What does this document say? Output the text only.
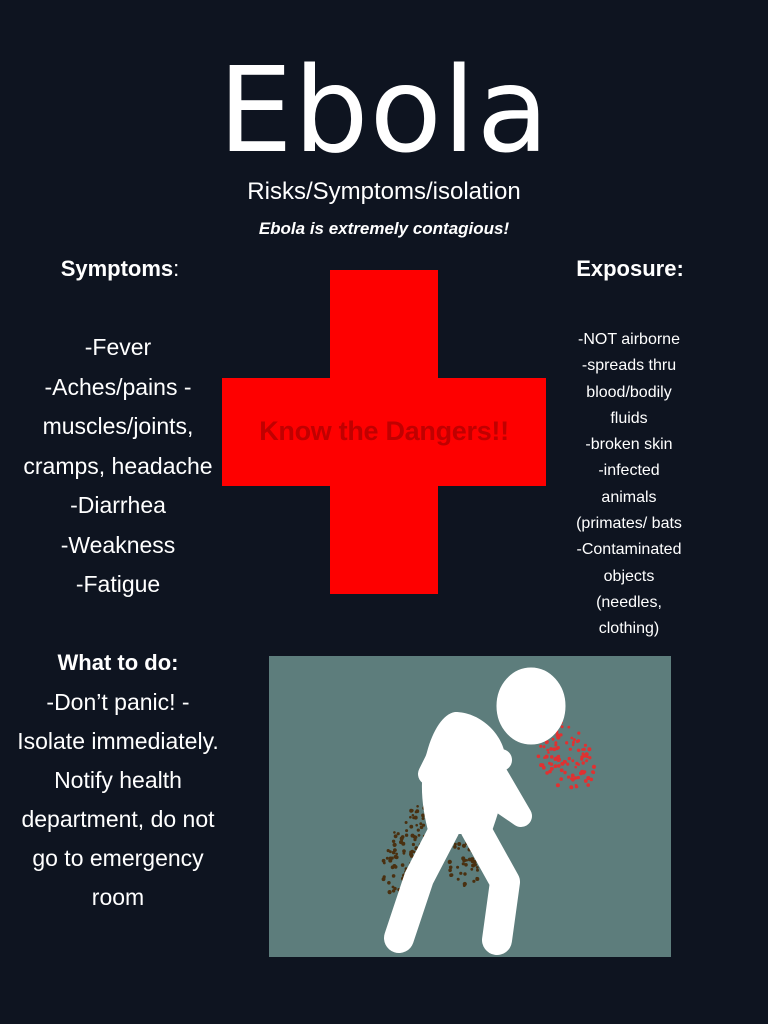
Ebola
Risks/Symptoms/isolation
Ebola is extremely contagious!
Symptoms:
-Fever
-Aches/pains -
muscles/joints,
cramps, headache
-Diarrhea
-Weakness
-Fatigue
Exposure:
-NOT airborne
-spreads thru
blood/bodily
fluids
-broken skin
-infected
animals
(primates/ bats
-Contaminated
objects
(needles,
clothing)
Know the Dangers!!
What to do:
-Don’t panic! -
Isolate immediately.
Notify health
department, do not
go to emergency
room
